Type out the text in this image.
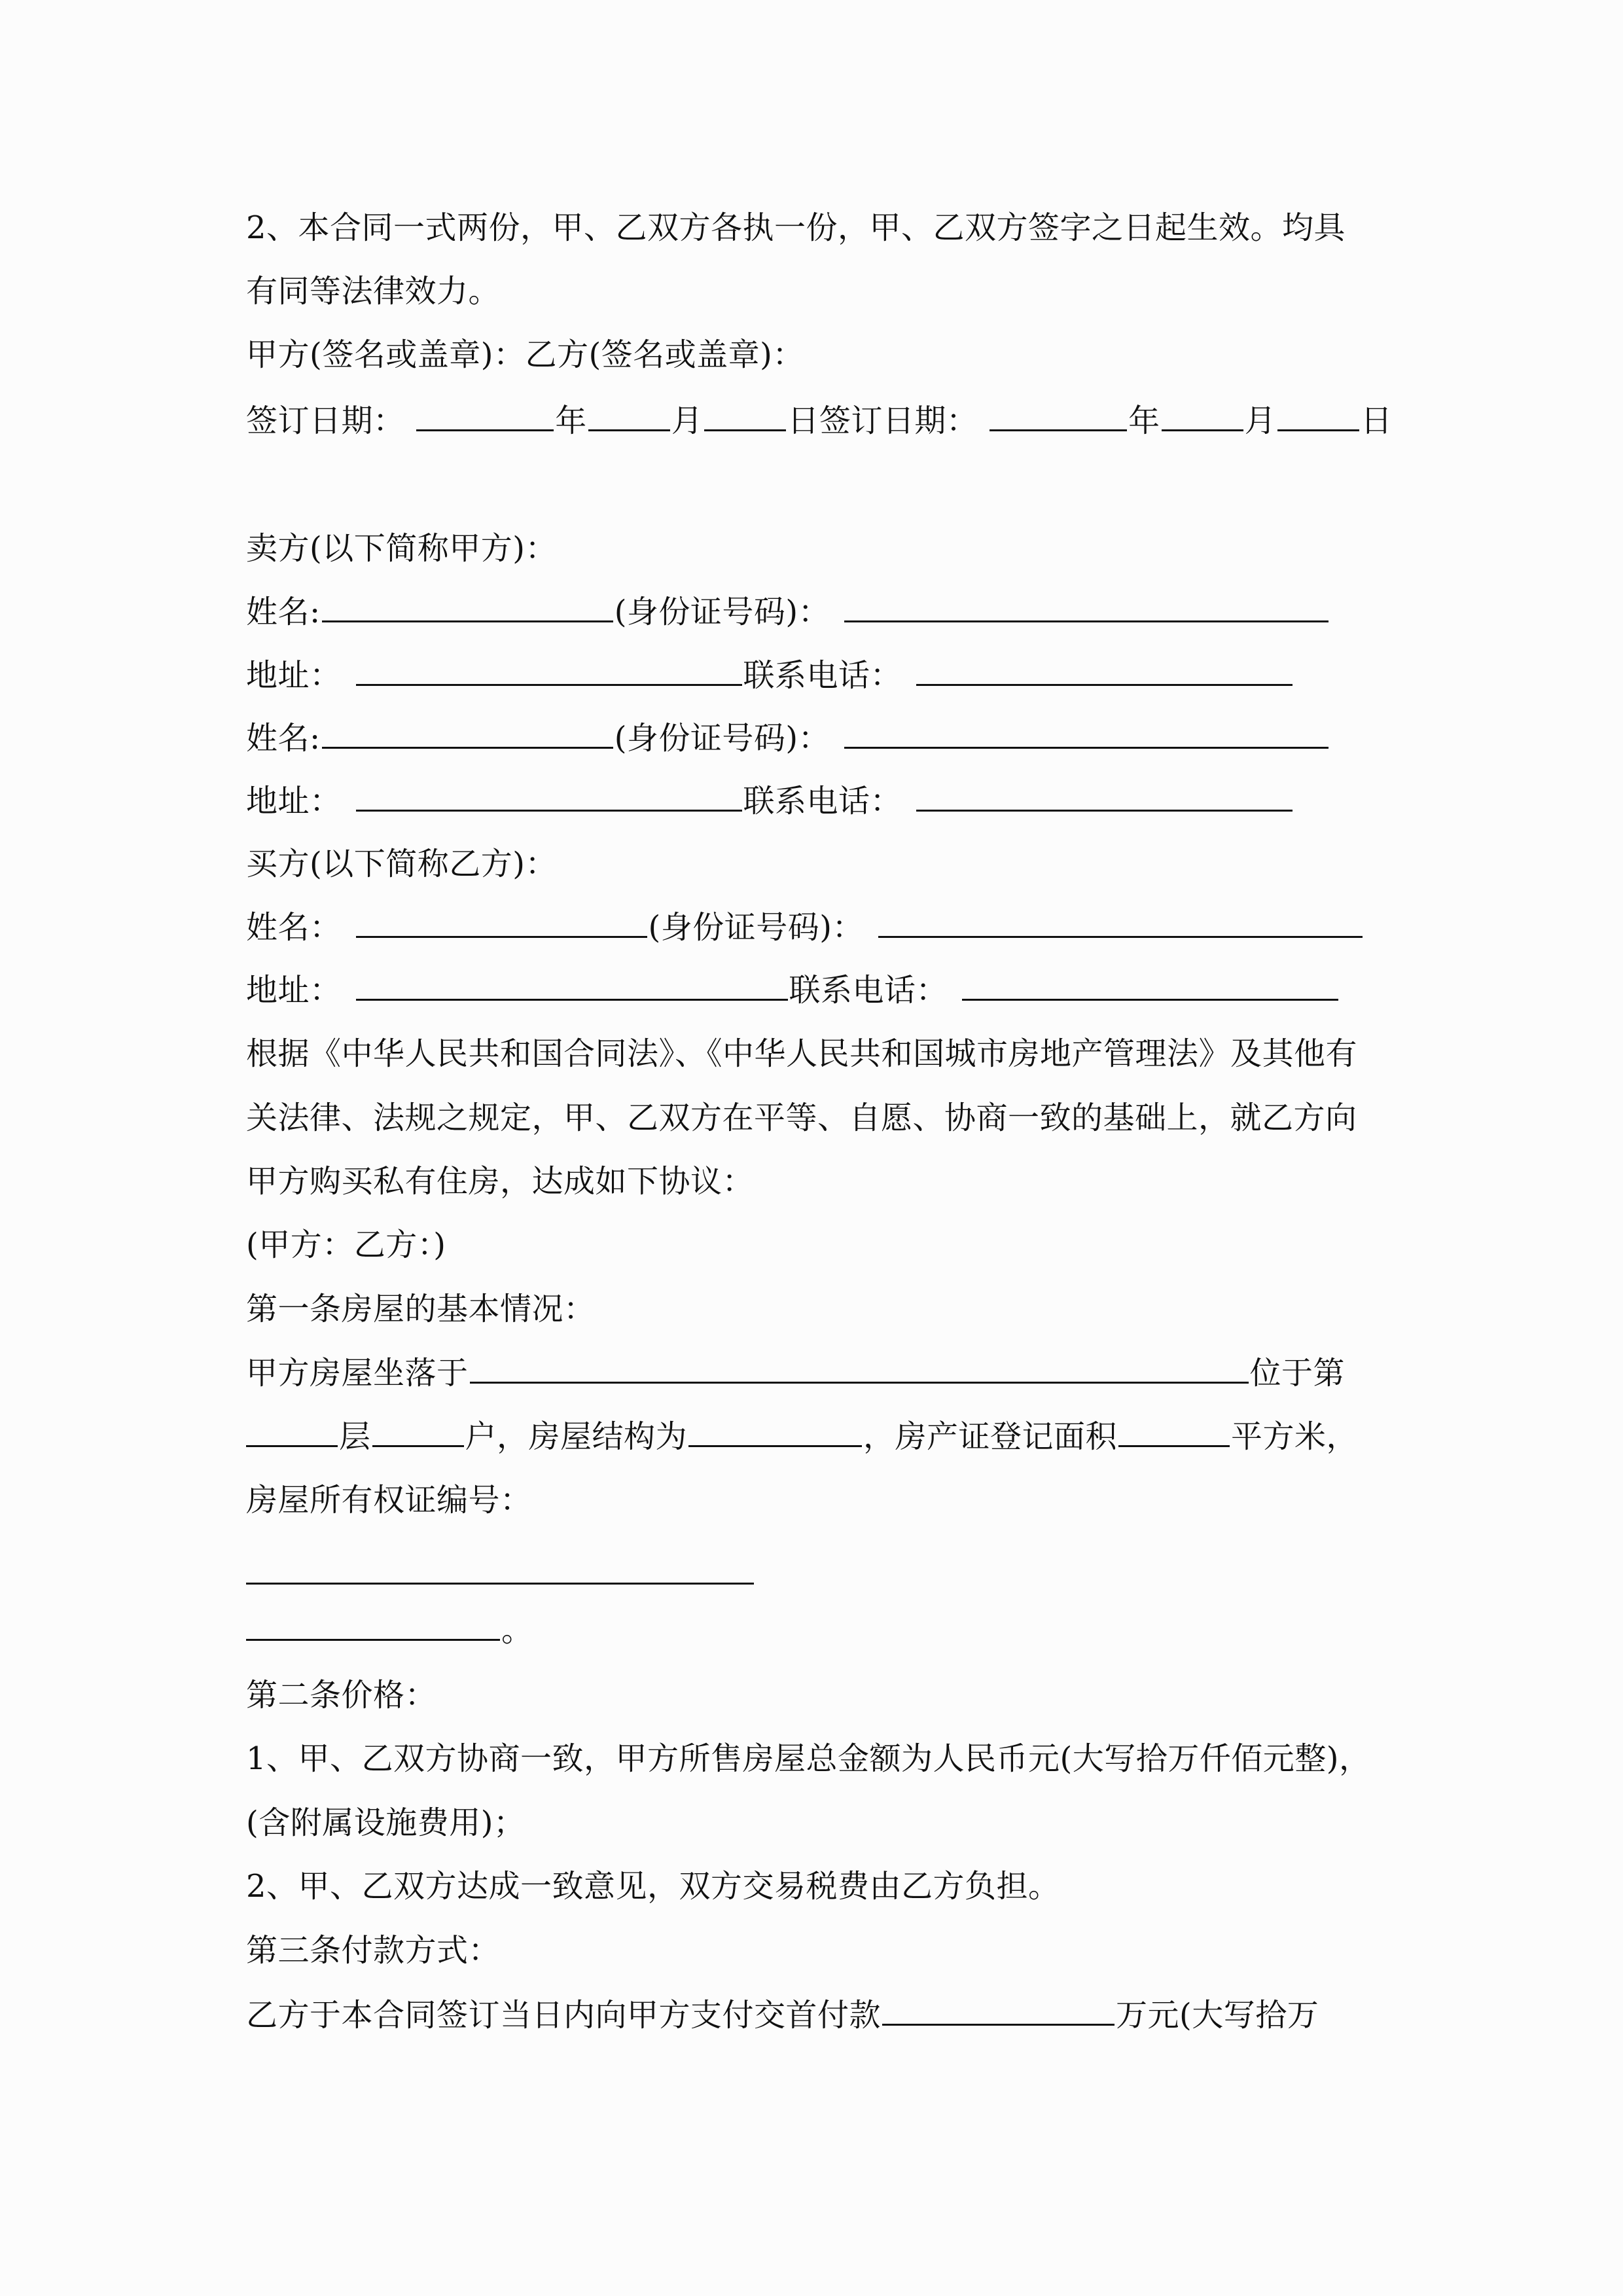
2、本合同一式两份，甲、乙双方各执一份，甲、乙双方签字之日起生效。均具
有同等法律效力。
甲方(签名或盖章)：乙方(签名或盖章)：
签订日期：	年	月	日签订日期：	年	月	日
卖方(以下简称甲方)：
姓名:	(身份证号码)：
地址：	联系电话：
姓名:	(身份证号码)：
地址：	联系电话：
买方(以下简称乙方)：
姓名：	(身份证号码)：
地址：	联系电话：
根据《中华人民共和国合同法》、《中华人民共和国城市房地产管理法》及其他有
关法律、法规之规定，甲、乙双方在平等、自愿、协商一致的基础上，就乙方向
甲方购买私有住房，达成如下协议：
(甲方：乙方：)
第一条房屋的基本情况：
甲方房屋坐落于	位于第
层	户，房屋结构为	，房产证登记面积	平方米，
房屋所有权证编号：
。
第二条价格：
1、甲、乙双方协商一致，甲方所售房屋总金额为人民币元(大写拾万仟佰元整)，
(含附属设施费用)；
2、甲、乙双方达成一致意见，双方交易税费由乙方负担。
第三条付款方式：
乙方于本合同签订当日内向甲方支付交首付款	万元(大写拾万
